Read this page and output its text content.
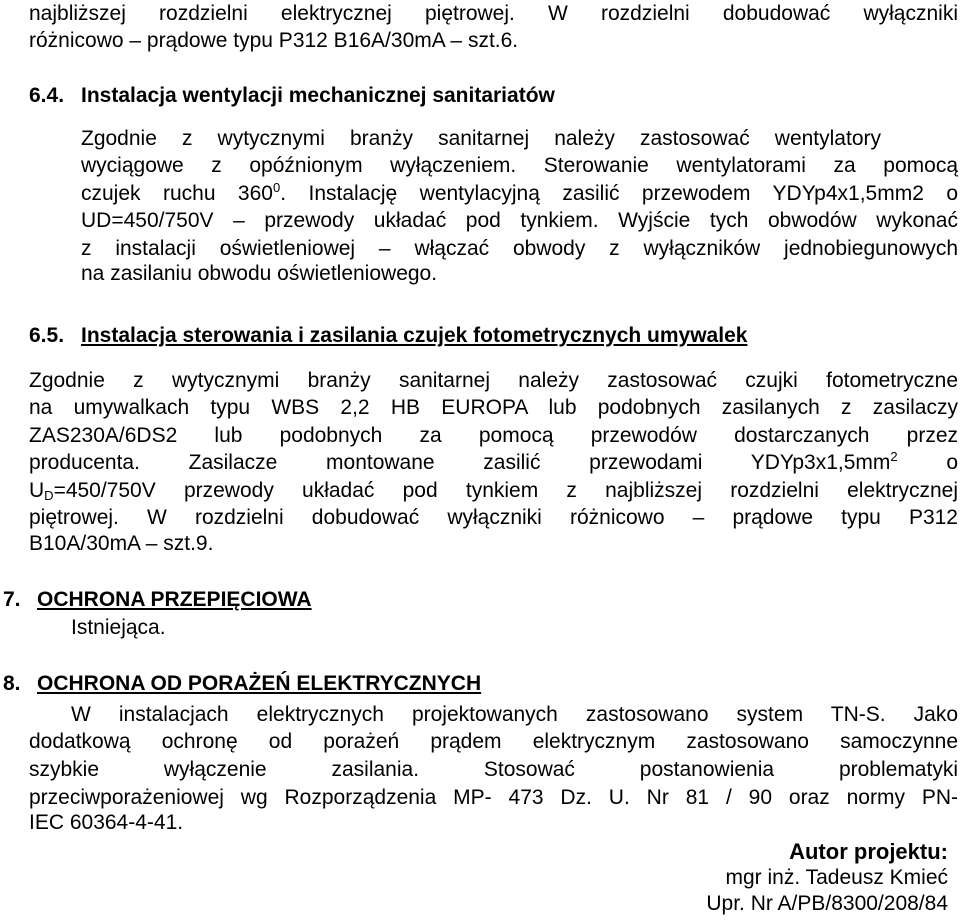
najbliższej rozdzielni elektrycznej piętrowej. W rozdzielni dobudować wyłączniki
różnicowo – prądowe typu P312 B16A/30mA – szt.6.
6.4. Instalacja wentylacji mechanicznej sanitariatów
Zgodnie z wytycznymi branży sanitarnej należy zastosować wentylatory
wyciągowe z opóźnionym wyłączeniem. Sterowanie wentylatorami za pomocą
czujek ruchu $360^0$. Instalację wentylacyjną zasilić przewodem YDYp4x1,5mm2 o
UD=450/750V – przewody układać pod tynkiem. Wyjście tych obwodów wykonać
z instalacji oświetleniowej – włączać obwody z wyłączników jednobiegunowych
na zasilaniu obwodu oświetleniowego.
6.5. Instalacja sterowania i zasilania czujek fotometrycznych umywalek
Zgodnie z wytycznymi branży sanitarnej należy zastosować czujki fotometryczne
na umywalkach typu WBS 2,2 HB EUROPA lub podobnych zasilanych z zasilaczy
ZAS230A/6DS2 lub podobnych za pomocą przewodów dostarczanych przez
producenta. Zasilacze montowane zasilić przewodami $YDYp3x1,5mm^2$ o
$U_D=450/750V$ przewody układać pod tynkiem z najbliższej rozdzielni elektrycznej
piętrowej. W rozdzielni dobudować wyłączniki różnicowo – prądowe typu P312
B10A/30mA – szt.9.
7. OCHRONA PRZEPIĘCIOWA
Istniejąca.
8. OCHRONA OD PORAŻEŃ ELEKTRYCZNYCH
W instalacjach elektrycznych projektowanych zastosowano system TN-S. Jako
dodatkową ochronę od porażeń prądem elektrycznym zastosowano samoczynne
szybkie wyłączenie zasilania. Stosować postanowienia problematyki
przeciwporażeniowej wg Rozporządzenia MP- 473 Dz. U. Nr 81 / 90 oraz normy PN-
IEC 60364-4-41.
Autor projektu:
mgr inż. Tadeusz Kmieć
Upr. Nr A/PB/8300/208/84
